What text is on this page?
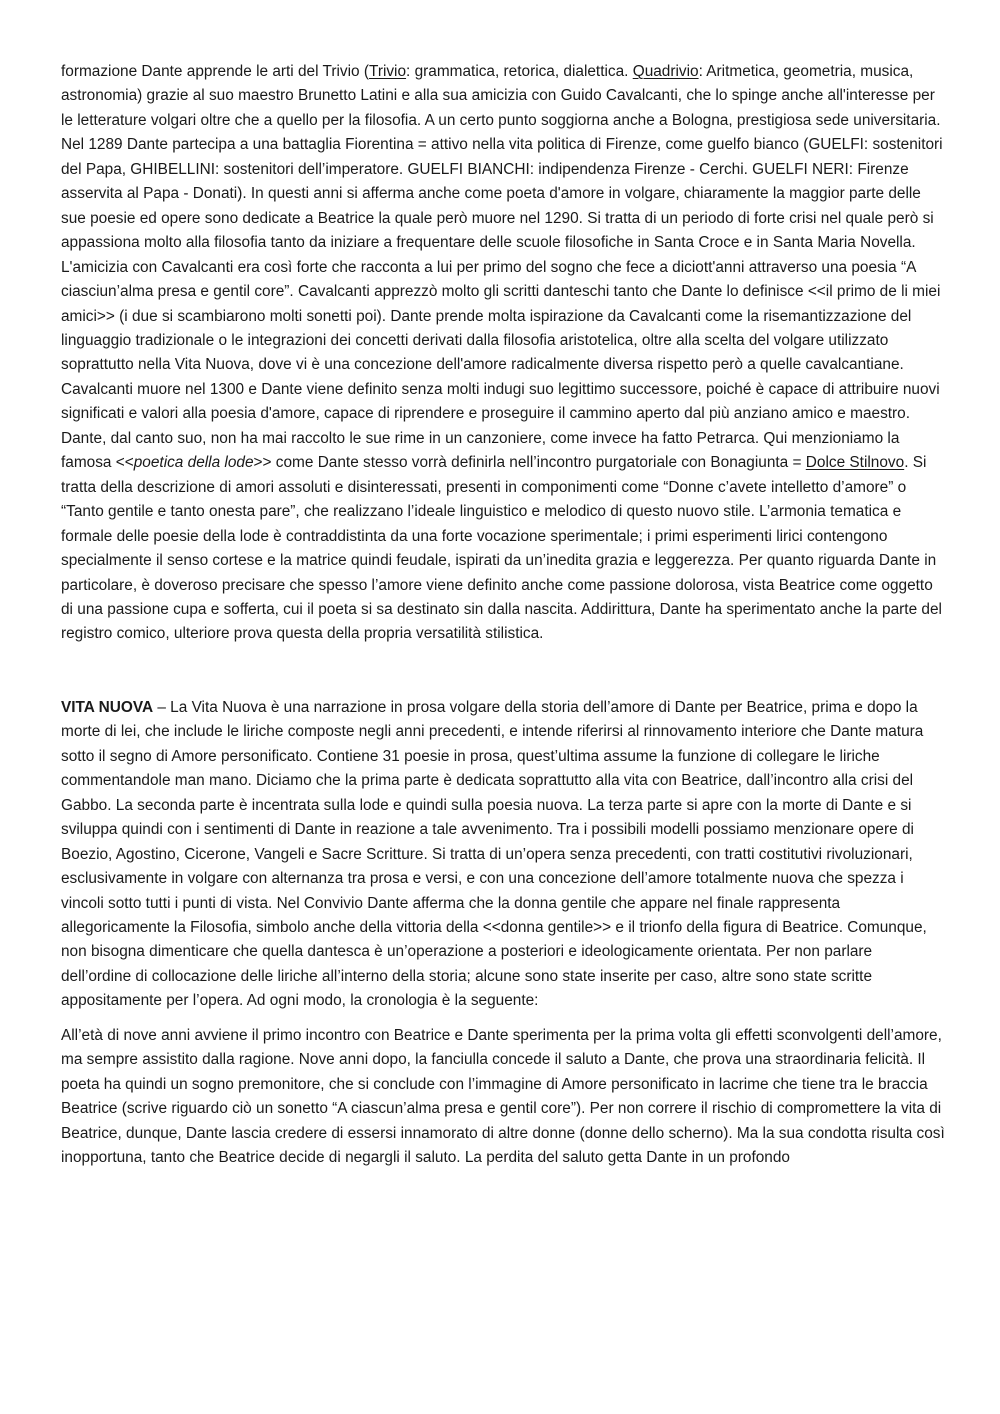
formazione Dante apprende le arti del Trivio (Trivio: grammatica, retorica, dialettica. Quadrivio: Aritmetica, geometria, musica, astronomia) grazie al suo maestro Brunetto Latini e alla sua amicizia con Guido Cavalcanti, che lo spinge anche all'interesse per le letterature volgari oltre che a quello per la filosofia. A un certo punto soggiorna anche a Bologna, prestigiosa sede universitaria. Nel 1289 Dante partecipa a una battaglia Fiorentina = attivo nella vita politica di Firenze, come guelfo bianco (GUELFI: sostenitori del Papa, GHIBELLINI: sostenitori dell’imperatore. GUELFI BIANCHI: indipendenza Firenze - Cerchi. GUELFI NERI: Firenze asservita al Papa - Donati). In questi anni si afferma anche come poeta d'amore in volgare, chiaramente la maggior parte delle sue poesie ed opere sono dedicate a Beatrice la quale però muore nel 1290. Si tratta di un periodo di forte crisi nel quale però si appassiona molto alla filosofia tanto da iniziare a frequentare delle scuole filosofiche in Santa Croce e in Santa Maria Novella.

L'amicizia con Cavalcanti era così forte che racconta a lui per primo del sogno che fece a diciott'anni attraverso una poesia “A ciasciun’alma presa e gentil core”. Cavalcanti apprezzò molto gli scritti danteschi tanto che Dante lo definisce <<il primo de li miei amici>> (i due si scambiarono molti sonetti poi). Dante prende molta ispirazione da Cavalcanti come la risemantizzazione del linguaggio tradizionale o le integrazioni dei concetti derivati dalla filosofia aristotelica, oltre alla scelta del volgare utilizzato soprattutto nella Vita Nuova, dove vi è una concezione dell'amore radicalmente diversa rispetto però a quelle cavalcantiane. Cavalcanti muore nel 1300 e Dante viene definito senza molti indugi suo legittimo successore, poiché è capace di attribuire nuovi significati e valori alla poesia d'amore, capace di riprendere e proseguire il cammino aperto dal più anziano amico e maestro. Dante, dal canto suo, non ha mai raccolto le sue rime in un canzoniere, come invece ha fatto Petrarca. Qui menzioniamo la famosa <<poetica della lode>> come Dante stesso vorrà definirla nell’incontro purgatoriale con Bonagiunta = Dolce Stilnovo. Si tratta della descrizione di amori assoluti e disinteressati, presenti in componimenti come “Donne c’avete intelletto d’amore” o “Tanto gentile e tanto onesta pare”, che realizzano l’ideale linguistico e melodico di questo nuovo stile. L’armonia tematica e formale delle poesie della lode è contraddistinta da una forte vocazione sperimentale; i primi esperimenti lirici contengono specialmente il senso cortese e la matrice quindi feudale, ispirati da un’inedita grazia e leggerezza. Per quanto riguarda Dante in particolare, è doveroso precisare che spesso l’amore viene definito anche come passione dolorosa, vista Beatrice come oggetto di una passione cupa e sofferta, cui il poeta si sa destinato sin dalla nascita. Addirittura, Dante ha sperimentato anche la parte del registro comico, ulteriore prova questa della propria versatilità stilistica.

VITA NUOVA – La Vita Nuova è una narrazione in prosa volgare della storia dell’amore di Dante per Beatrice, prima e dopo la morte di lei, che include le liriche composte negli anni precedenti, e intende riferirsi al rinnovamento interiore che Dante matura sotto il segno di Amore personificato. Contiene 31 poesie in prosa, quest’ultima assume la funzione di collegare le liriche commentandole man mano. Diciamo che la prima parte è dedicata soprattutto alla vita con Beatrice, dall’incontro alla crisi del Gabbo. La seconda parte è incentrata sulla lode e quindi sulla poesia nuova. La terza parte si apre con la morte di Dante e si sviluppa quindi con i sentimenti di Dante in reazione a tale avvenimento. Tra i possibili modelli possiamo menzionare opere di Boezio, Agostino, Cicerone, Vangeli e Sacre Scritture. Si tratta di un’opera senza precedenti, con tratti costitutivi rivoluzionari, esclusivamente in volgare con alternanza tra prosa e versi, e con una concezione dell’amore totalmente nuova che spezza i vincoli sotto tutti i punti di vista. Nel Convivio Dante afferma che la donna gentile che appare nel finale rappresenta allegoricamente la Filosofia, simbolo anche della vittoria della <<donna gentile>> e il trionfo della figura di Beatrice. Comunque, non bisogna dimenticare che quella dantesca è un’operazione a posteriori e ideologicamente orientata. Per non parlare dell’ordine di collocazione delle liriche all’interno della storia; alcune sono state inserite per caso, altre sono state scritte appositamente per l’opera. Ad ogni modo, la cronologia è la seguente:

All’età di nove anni avviene il primo incontro con Beatrice e Dante sperimenta per la prima volta gli effetti sconvolgenti dell’amore, ma sempre assistito dalla ragione. Nove anni dopo, la fanciulla concede il saluto a Dante, che prova una straordinaria felicità. Il poeta ha quindi un sogno premonitore, che si conclude con l’immagine di Amore personificato in lacrime che tiene tra le braccia Beatrice (scrive riguardo ciò un sonetto “A ciascun’alma presa e gentil core”). Per non correre il rischio di compromettere la vita di Beatrice, dunque, Dante lascia credere di essersi innamorato di altre donne (donne dello scherno). Ma la sua condotta risulta così inopportuna, tanto che Beatrice decide di negargli il saluto. La perdita del saluto getta Dante in un profondo
